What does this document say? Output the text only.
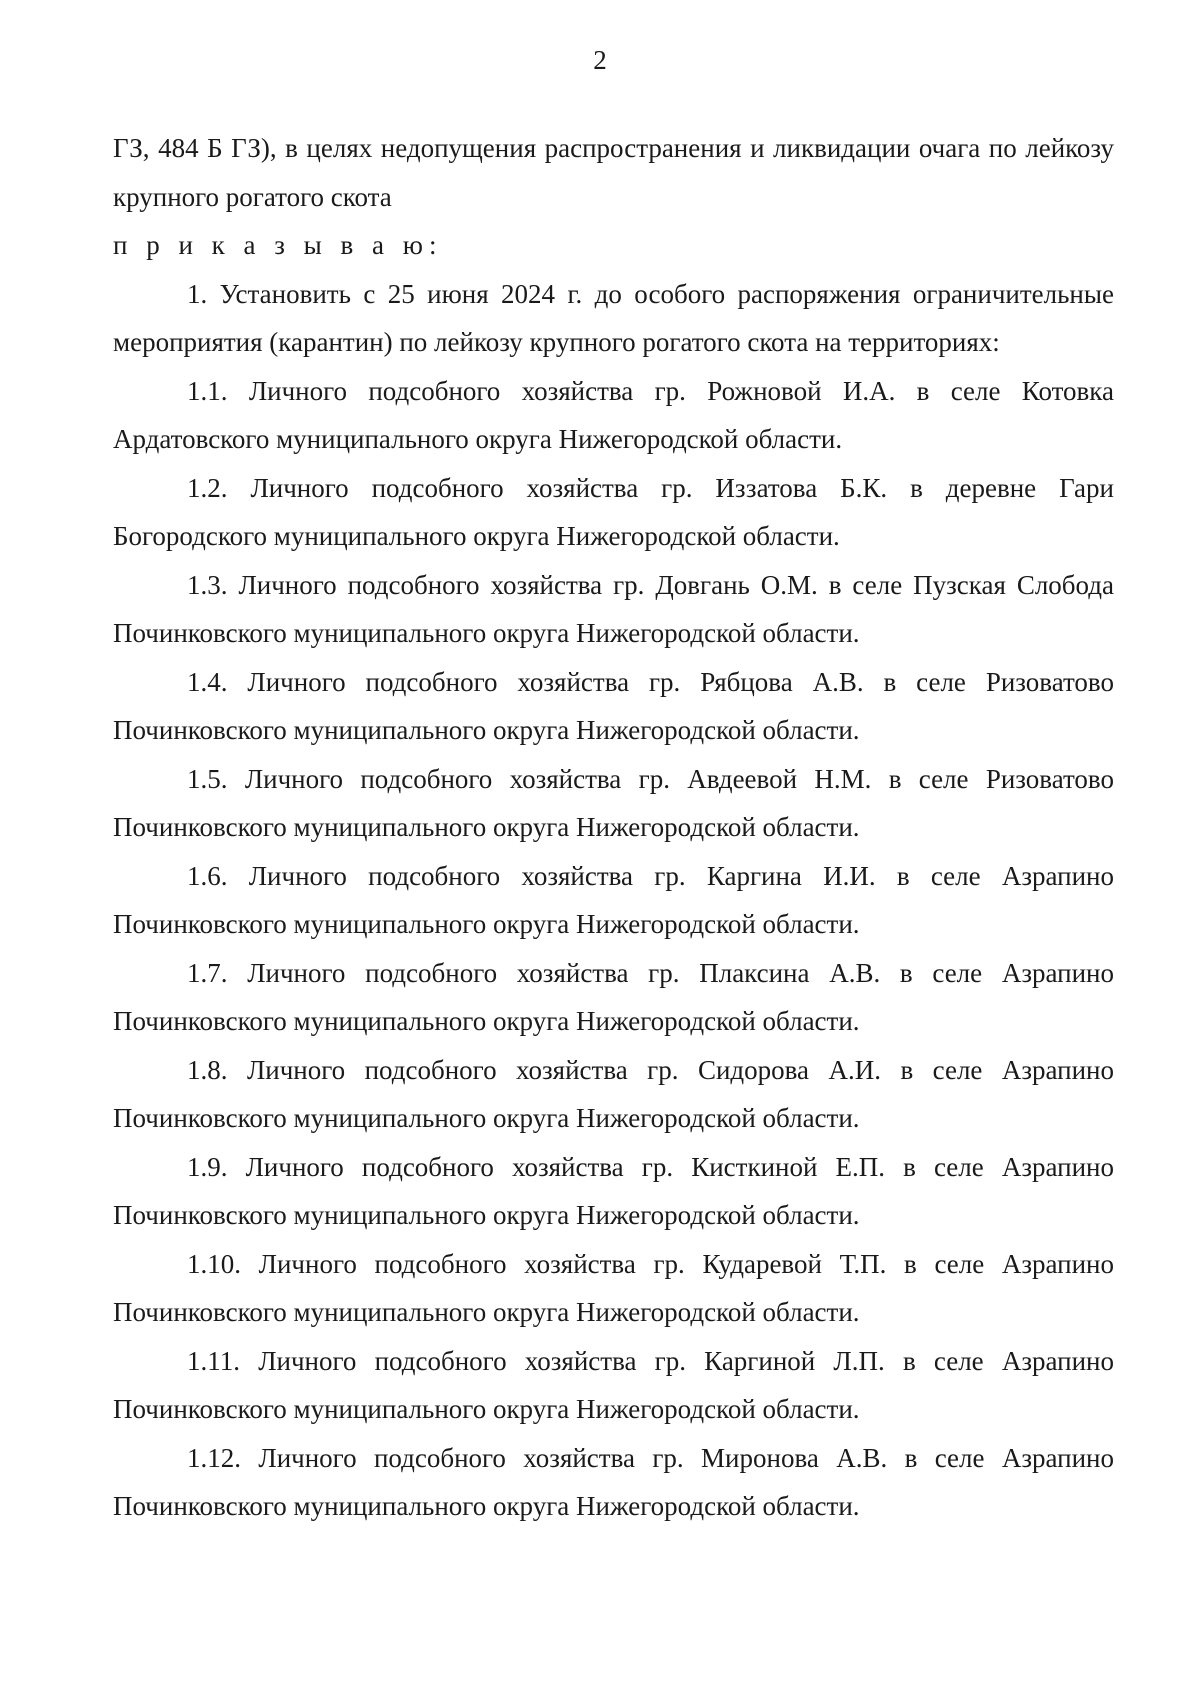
2

ГЗ, 484 Б ГЗ), в целях недопущения распространения и ликвидации очага по лейкозу крупного рогатого скота

п р и к а з ы в а ю:

1. Установить с 25 июня 2024 г. до особого распоряжения ограничительные мероприятия (карантин) по лейкозу крупного рогатого скота на территориях:

1.1. Личного подсобного хозяйства гр. Рожновой И.А. в селе Котовка Ардатовского муниципального округа Нижегородской области.

1.2. Личного подсобного хозяйства гр. Иззатова Б.К. в деревне Гари Богородского муниципального округа Нижегородской области.

1.3. Личного подсобного хозяйства гр. Довгань О.М. в селе Пузская Слобода Починковского муниципального округа Нижегородской области.

1.4. Личного подсобного хозяйства гр. Рябцова А.В. в селе Ризоватово Починковского муниципального округа Нижегородской области.

1.5. Личного подсобного хозяйства гр. Авдеевой Н.М. в селе Ризоватово Починковского муниципального округа Нижегородской области.

1.6. Личного подсобного хозяйства гр. Каргина И.И. в селе Азрапино Починковского муниципального округа Нижегородской области.

1.7. Личного подсобного хозяйства гр. Плаксина А.В. в селе Азрапино Починковского муниципального округа Нижегородской области.

1.8. Личного подсобного хозяйства гр. Сидорова А.И. в селе Азрапино Починковского муниципального округа Нижегородской области.

1.9. Личного подсобного хозяйства гр. Кисткиной Е.П. в селе Азрапино Починковского муниципального округа Нижегородской области.

1.10. Личного подсобного хозяйства гр. Кударевой Т.П. в селе Азрапино Починковского муниципального округа Нижегородской области.

1.11. Личного подсобного хозяйства гр. Каргиной Л.П. в селе Азрапино Починковского муниципального округа Нижегородской области.

1.12. Личного подсобного хозяйства гр. Миронова А.В. в селе Азрапино Починковского муниципального округа Нижегородской области.
